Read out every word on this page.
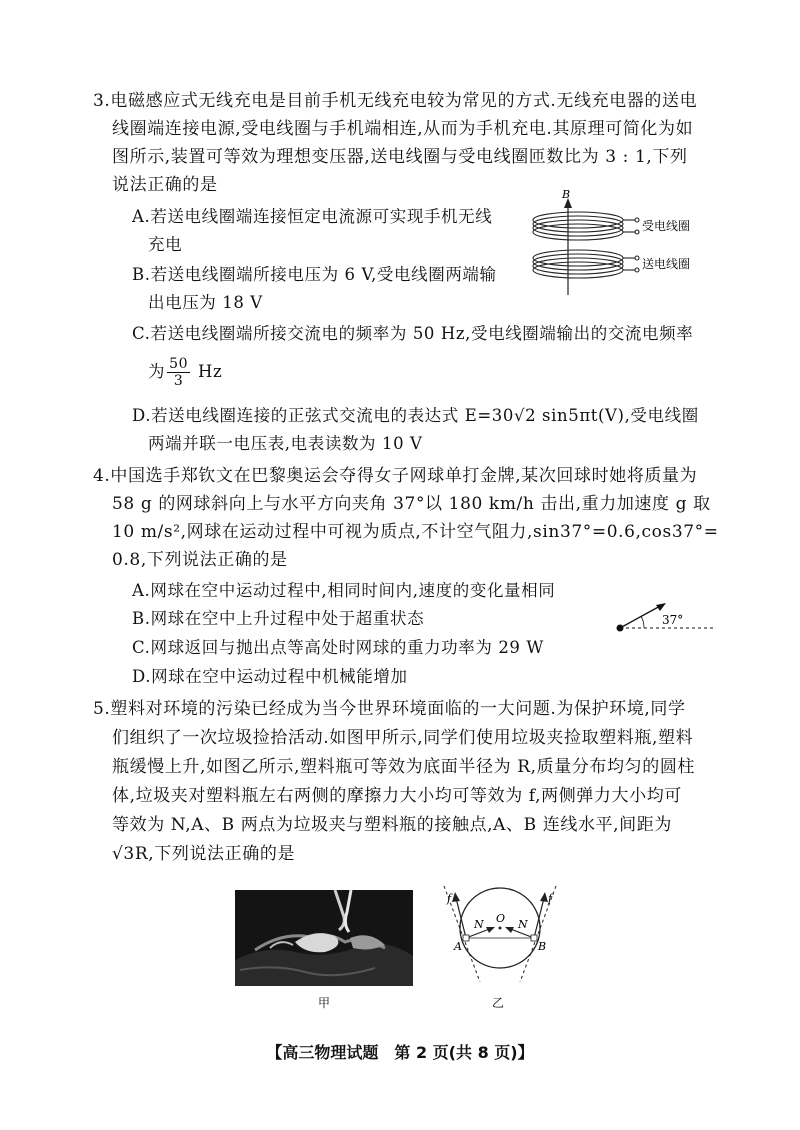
3.电磁感应式无线充电是目前手机无线充电较为常见的方式.无线充电器的送电
线圈端连接电源,受电线圈与手机端相连,从而为手机充电.其原理可简化为如
图所示,装置可等效为理想变压器,送电线圈与受电线圈匝数比为 3 : 1,下列
说法正确的是
A.若送电线圈端连接恒定电流源可实现手机无线
充电
B.若送电线圈端所接电压为 6 V,受电线圈两端输
出电压为 18 V
C.若送电线圈端所接交流电的频率为 50 Hz,受电线圈端输出的交流电频率
为 $\frac{50}{3}$ Hz
D.若送电线圈连接的正弦式交流电的表达式 E=30√2 sin5πt(V),受电线圈
两端并联一电压表,电表读数为 10 V
B
受电线圈
送电线圈
4.中国选手郑钦文在巴黎奥运会夺得女子网球单打金牌,某次回球时她将质量为
58 g 的网球斜向上与水平方向夹角 37°以 180 km/h 击出,重力加速度 g 取
10 m/s²,网球在运动过程中可视为质点,不计空气阻力,sin37°=0.6,cos37°=
0.8,下列说法正确的是
A.网球在空中运动过程中,相同时间内,速度的变化量相同
B.网球在空中上升过程中处于超重状态
C.网球返回与抛出点等高处时网球的重力功率为 29 W
D.网球在空中运动过程中机械能增加
37°
5.塑料对环境的污染已经成为当今世界环境面临的一大问题.为保护环境,同学
们组织了一次垃圾捡拾活动.如图甲所示,同学们使用垃圾夹捡取塑料瓶,塑料
瓶缓慢上升,如图乙所示,塑料瓶可等效为底面半径为 R,质量分布均匀的圆柱
体,垃圾夹对塑料瓶左右两侧的摩擦力大小均可等效为 f,两侧弹力大小均可
等效为 N,A、B 两点为垃圾夹与塑料瓶的接触点,A、B 连线水平,间距为
√3R,下列说法正确的是
甲
f	f
N	N
O
A	B
乙
【高三物理试题　第 2 页(共 8 页)】
